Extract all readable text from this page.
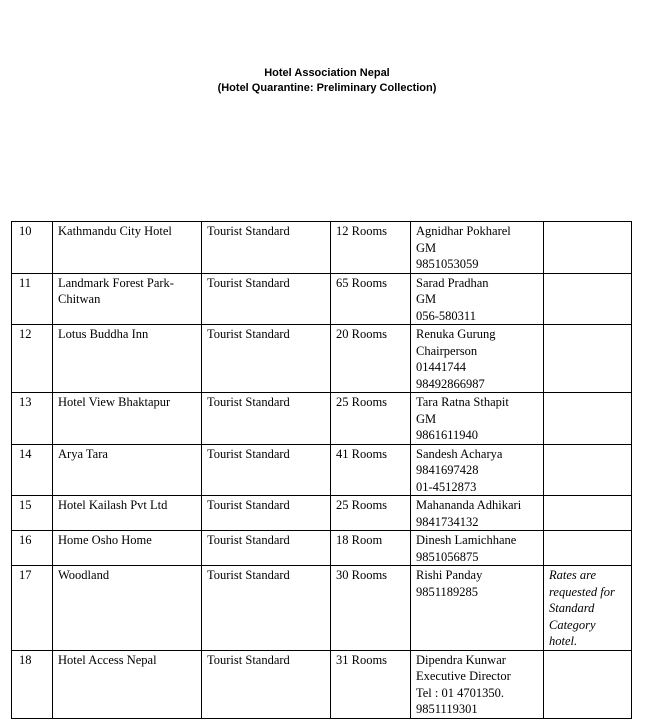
Hotel Association Nepal
(Hotel Quarantine: Preliminary Collection)
10	Kathmandu City Hotel	Tourist Standard	12 Rooms	Agnidhar Pokharel
GM
9851053059	

11	Landmark Forest Park-
Chitwan	Tourist Standard	65 Rooms	Sarad Pradhan
GM
056-580311	

12	Lotus Buddha Inn	Tourist Standard	20 Rooms	Renuka Gurung
Chairperson
01441744
98492866987	

13	Hotel View Bhaktapur	Tourist Standard	25 Rooms	Tara Ratna Sthapit
GM
9861611940	

14	Arya Tara	Tourist Standard	41 Rooms	Sandesh Acharya
9841697428
01-4512873	

15	Hotel Kailash Pvt Ltd	Tourist Standard	25 Rooms	Mahananda Adhikari
9841734132	

16	Home Osho Home	Tourist Standard	18 Room	Dinesh Lamichhane
9851056875	

17	Woodland	Tourist Standard	30 Rooms	Rishi Panday
9851189285	Rates are
requested for
Standard
Category
hotel.

18	Hotel Access Nepal	Tourist Standard	31 Rooms	Dipendra Kunwar
Executive Director
Tel : 01 4701350.
9851119301	
